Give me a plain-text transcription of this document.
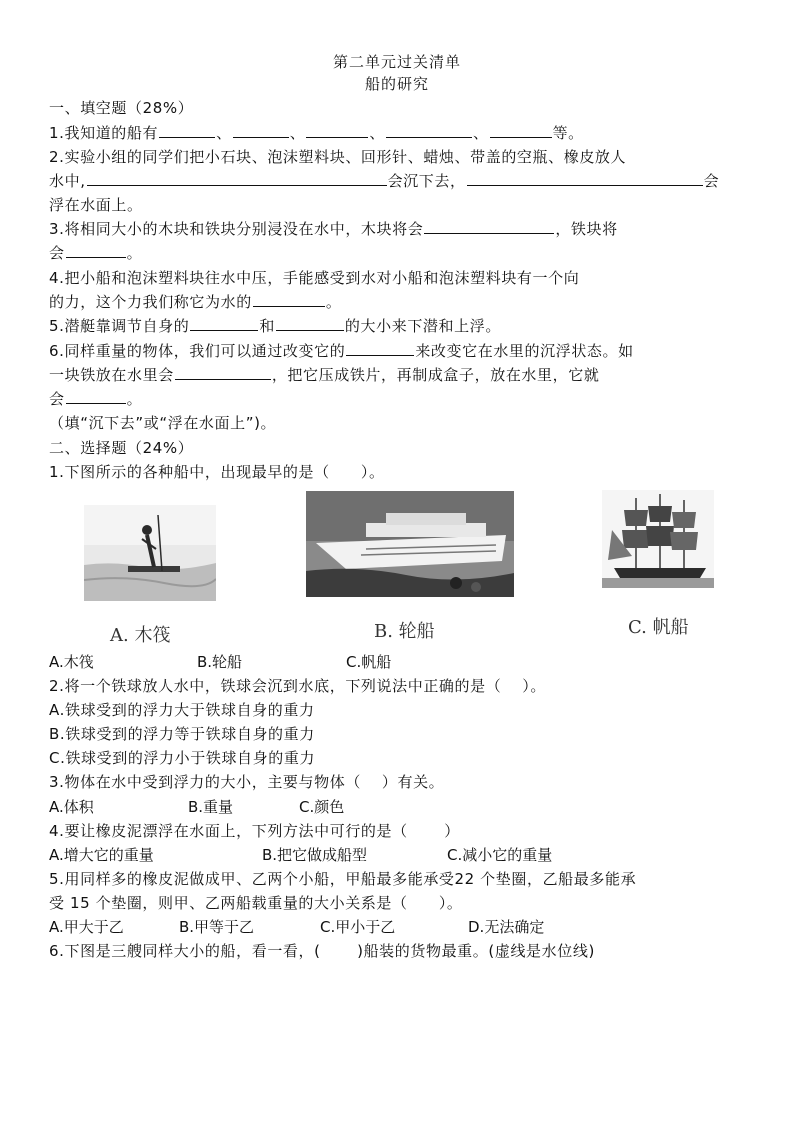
第二单元过关清单
船的研究
一、填空题（28%）
1.我知道的船有	、	、	、	、	等。
2.实验小组的同学们把小石块、泡沫塑料块、回形针、蜡烛、带盖的空瓶、橡皮放人
水中,	会沉下去，	会
浮在水面上。
3.将相同大小的木块和铁块分别浸没在水中，木块将会	，铁块将
会	。
4.把小船和泡沫塑料块往水中压，手能感受到水对小船和泡沫塑料块有一个向
的力，这个力我们称它为水的	。
5.潜艇靠调节自身的	和	的大小来下潜和上浮。
6.同样重量的物体，我们可以通过改变它的	来改变它在水里的沉浮状态。如
一块铁放在水里会	，把它压成铁片，再制成盒子，放在水里，它就
会	。
（填“沉下去”或“浮在水面上”)。
二、选择题（24%）
1.下图所示的各种船中，出现最早的是（　　）。
A. 木筏	B. 轮船	C. 帆船
A.木筏	B.轮船	C.帆船
2.将一个铁球放人水中，铁球会沉到水底，下列说法中正确的是（　 ）。
A.铁球受到的浮力大于铁球自身的重力
B.铁球受到的浮力等于铁球自身的重力
C.铁球受到的浮力小于铁球自身的重力
3.物体在水中受到浮力的大小，主要与物体（　 ）有关。
A.体积	B.重量	C.颜色
4.要让橡皮泥漂浮在水面上，下列方法中可行的是（　　 ）
A.增大它的重量	B.把它做成船型	C.减小它的重量
5.用同样多的橡皮泥做成甲、乙两个小船，甲船最多能承受22 个垫圈，乙船最多能承
受 15 个垫圈，则甲、乙两船载重量的大小关系是（　　）。
A.甲大于乙	B.甲等于乙	C.甲小于乙	D.无法确定
6.下图是三艘同样大小的船，看一看，(　　 )船装的货物最重。(虚线是水位线)
